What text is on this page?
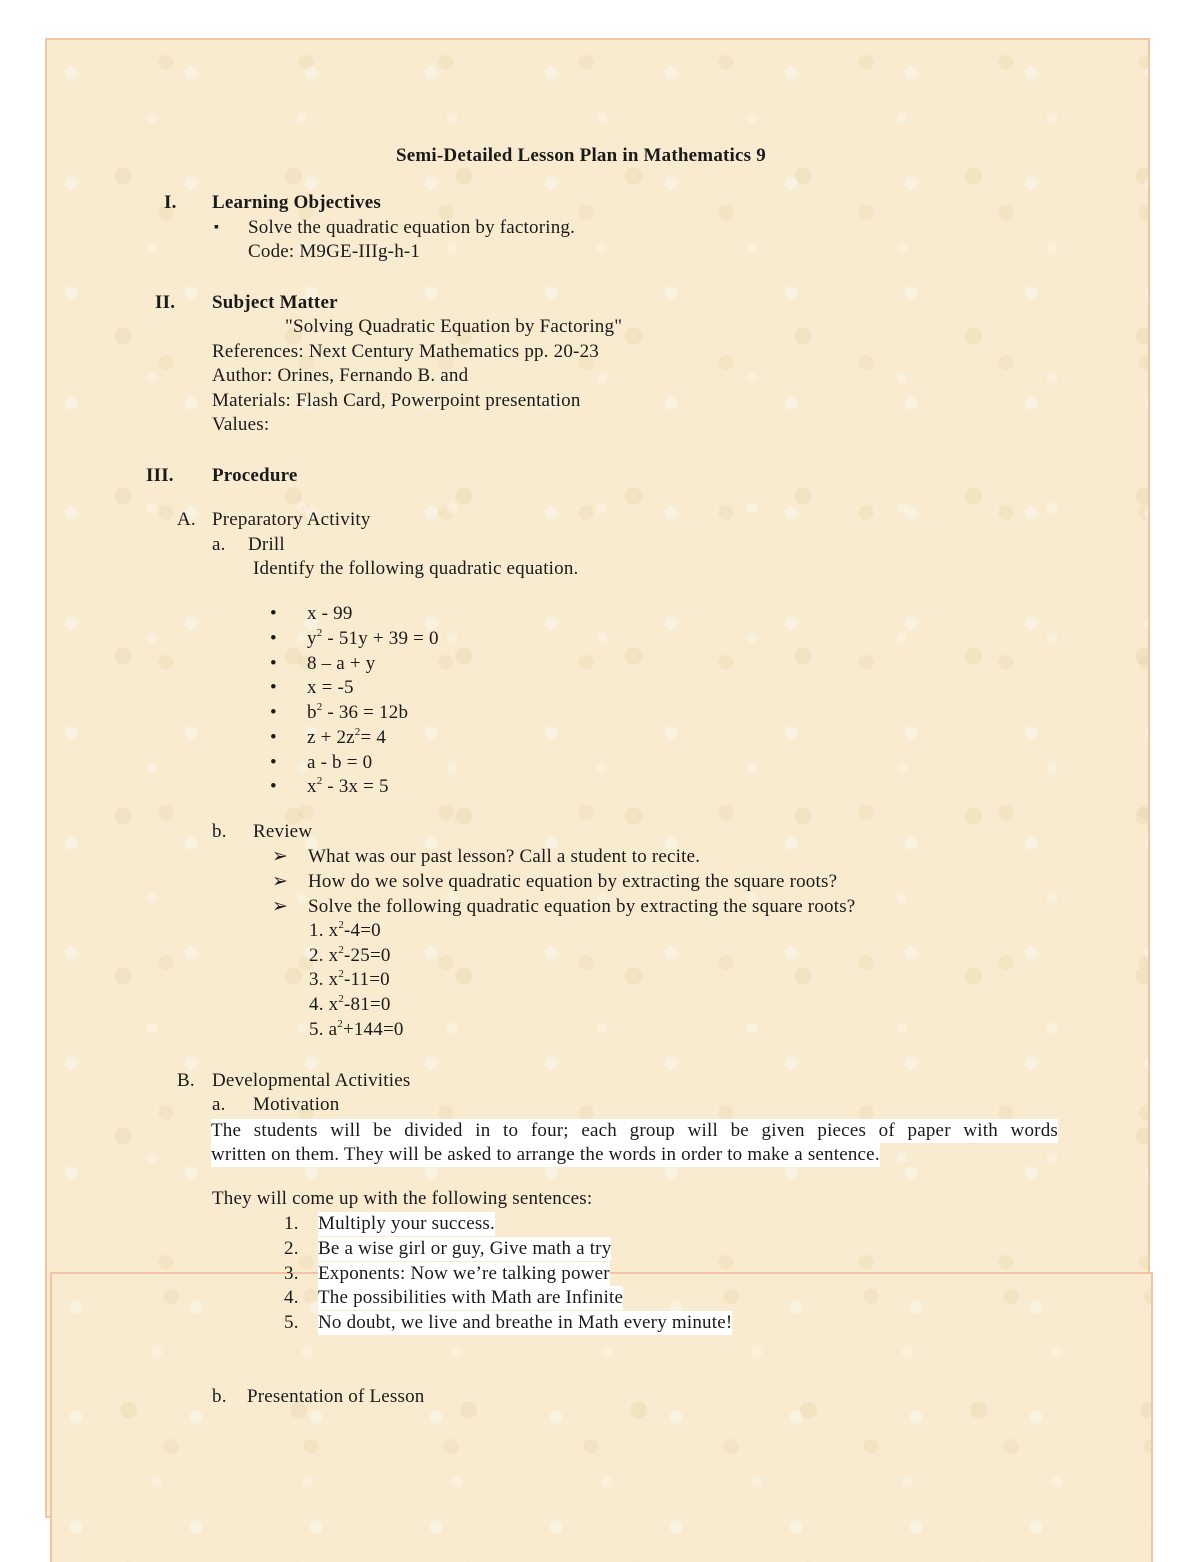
Semi-Detailed Lesson Plan in Mathematics 9
I. Learning Objectives
▪ Solve the quadratic equation by factoring.
Code: M9GE-IIIg-h-1
II. Subject Matter
"Solving Quadratic Equation by Factoring"
References: Next Century Mathematics pp. 20-23
Author: Orines, Fernando B. and
Materials: Flash Card, Powerpoint presentation
Values:
III. Procedure
A. Preparatory Activity
a. Drill
Identify the following quadratic equation.
• x - 99
• $y^2 - 51y + 39 = 0$
• 8 – a + y
• x = -5
• $b^2 - 36 = 12b$
• $z + 2z^2= 4$
• a - b = 0
• $x^2 - 3x = 5$
b. Review
➢ What was our past lesson? Call a student to recite.
➢ How do we solve quadratic equation by extracting the square roots?
➢ Solve the following quadratic equation by extracting the square roots?
1. $x^2-4=0$
2. $x^2-25=0$
3. $x^2-11=0$
4. $x^2-81=0$
5. $a^2+144=0$
B. Developmental Activities
a. Motivation
The students will be divided in to four; each group will be given pieces of paper with words
written on them. They will be asked to arrange the words in order to make a sentence.
They will come up with the following sentences:
1. Multiply your success.
2. Be a wise girl or guy, Give math a try
3. Exponents: Now we’re talking power
4. The possibilities with Math are Infinite
5. No doubt, we live and breathe in Math every minute!
b. Presentation of Lesson
